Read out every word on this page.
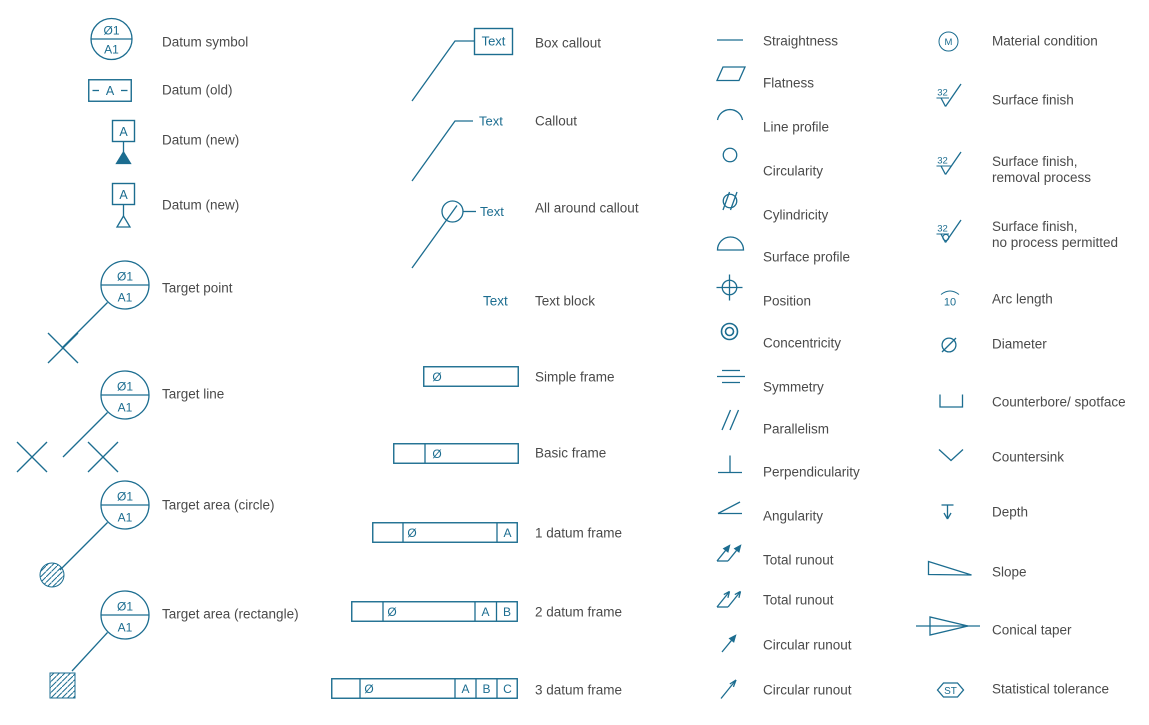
Ø1
A1	Datum symbol
A	Datum (old)
A
Datum (new)
A
Datum (new)
Ø1
A1
Target point
Ø1
A1
Target line
Ø1
A1
Target area (circle)
Ø1
A1
Target area (rectangle)
Text Box callout
Text Callout
Text All around callout
Text Text block
Ø	Simple frame
Ø	Basic frame
Ø	A 1 datum frame
Ø	A B 2 datum frame
Ø	A B C 3 datum frame
Straightness
Flatness
Line profile
Circularity
Cylindricity
Surface profile
Position
Concentricity
Symmetry
Parallelism
Perpendicularity
Angularity
Total runout
Total runout
Circular runout
Circular runout
M	Material condition
32	Surface finish
32	Surface finish,
removal process
32	Surface finish,
no process permitted
10	Arc length
Diameter
Counterbore/ spotface
Countersink
Depth
Slope
Conical taper
ST	Statistical tolerance
